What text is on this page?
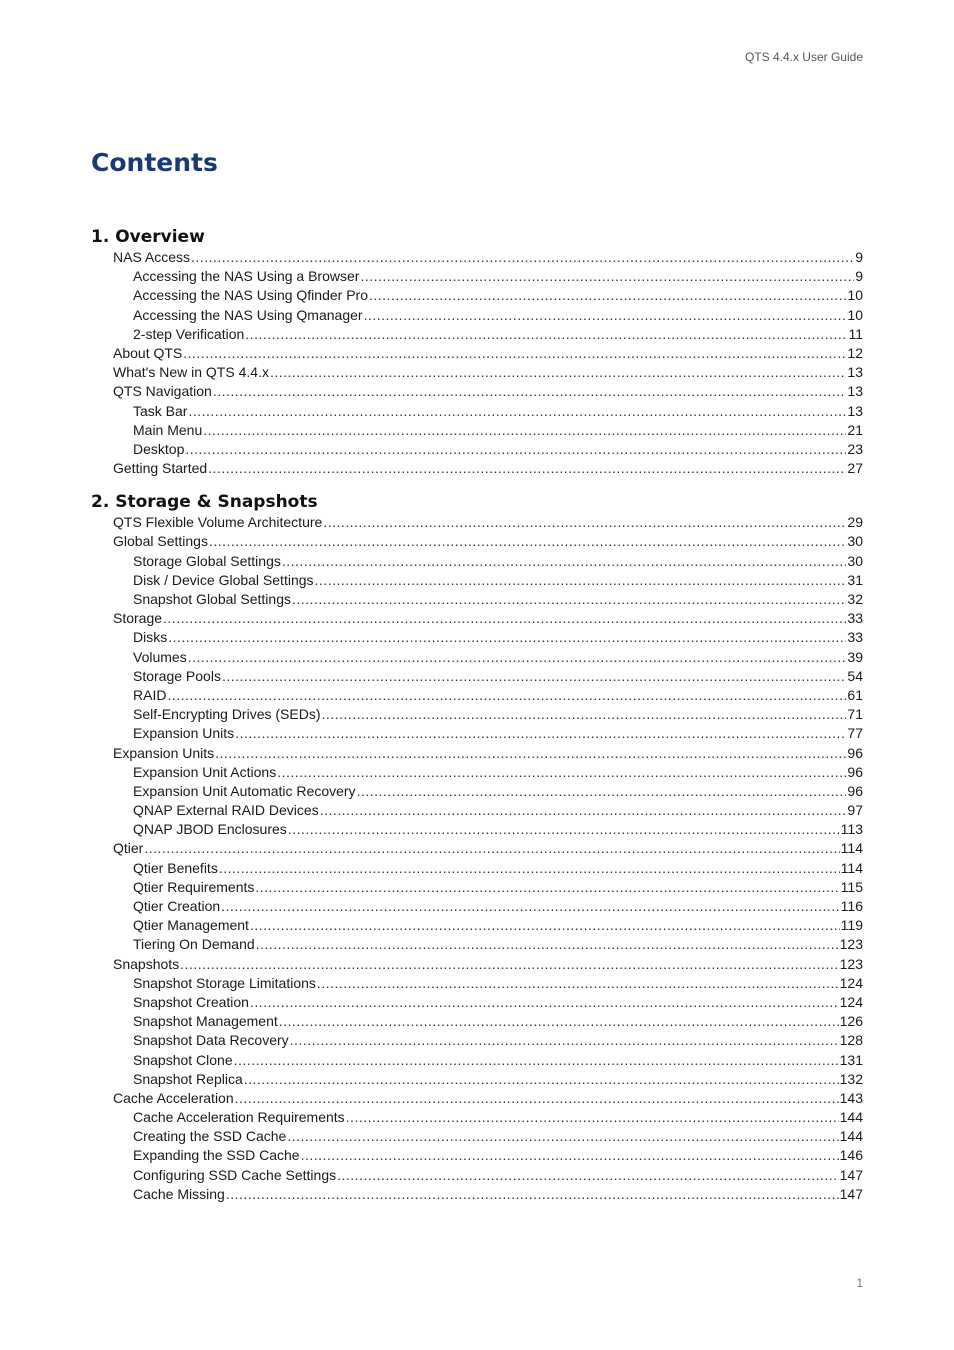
QTS 4.4.x User Guide
Contents
1. Overview
NAS Access .....	9
Accessing the NAS Using a Browser .....	9
Accessing the NAS Using Qfinder Pro .....	10
Accessing the NAS Using Qmanager .....	10
2-step Verification .....	11
About QTS .....	12
What's New in QTS 4.4.x .....	13
QTS Navigation .....	13
Task Bar .....	13
Main Menu .....	21
Desktop .....	23
Getting Started .....	27
2. Storage & Snapshots
QTS Flexible Volume Architecture .....	29
Global Settings .....	30
Storage Global Settings .....	30
Disk / Device Global Settings .....	31
Snapshot Global Settings .....	32
Storage .....	33
Disks .....	33
Volumes .....	39
Storage Pools .....	54
RAID .....	61
Self-Encrypting Drives (SEDs) .....	71
Expansion Units .....	77
Expansion Units .....	96
Expansion Unit Actions .....	96
Expansion Unit Automatic Recovery .....	96
QNAP External RAID Devices .....	97
QNAP JBOD Enclosures .....	113
Qtier .....	114
Qtier Benefits .....	114
Qtier Requirements .....	115
Qtier Creation .....	116
Qtier Management .....	119
Tiering On Demand .....	123
Snapshots .....	123
Snapshot Storage Limitations .....	124
Snapshot Creation .....	124
Snapshot Management .....	126
Snapshot Data Recovery .....	128
Snapshot Clone .....	131
Snapshot Replica .....	132
Cache Acceleration .....	143
Cache Acceleration Requirements .....	144
Creating the SSD Cache .....	144
Expanding the SSD Cache .....	146
Configuring SSD Cache Settings .....	147
Cache Missing .....	147
1
